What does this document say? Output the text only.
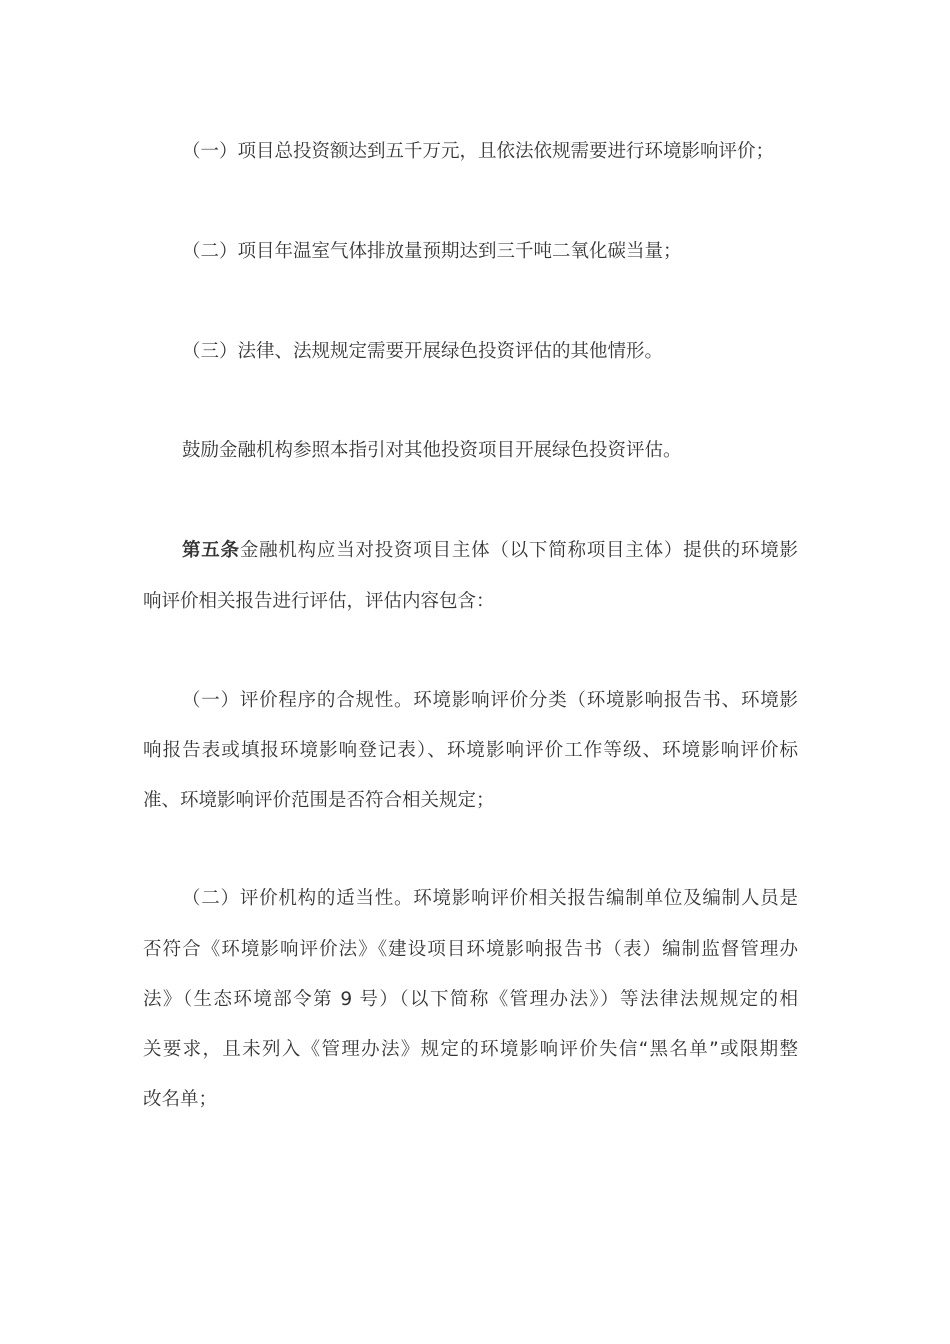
（一）项目总投资额达到五千万元，且依法依规需要进行环境影响评价；
（二）项目年温室气体排放量预期达到三千吨二氧化碳当量；
（三）法律、法规规定需要开展绿色投资评估的其他情形。
鼓励金融机构参照本指引对其他投资项目开展绿色投资评估。
第五条金融机构应当对投资项目主体（以下简称项目主体）提供的环境影
响评价相关报告进行评估，评估内容包含：
（一）评价程序的合规性。环境影响评价分类（环境影响报告书、环境影
响报告表或填报环境影响登记表）、环境影响评价工作等级、环境影响评价标
准、环境影响评价范围是否符合相关规定；
（二）评价机构的适当性。环境影响评价相关报告编制单位及编制人员是
否符合《环境影响评价法》《建设项目环境影响报告书（表）编制监督管理办
法》（生态环境部令第 9 号）（以下简称《管理办法》）等法律法规规定的相
关要求，且未列入《管理办法》规定的环境影响评价失信“黑名单”或限期整
改名单；
